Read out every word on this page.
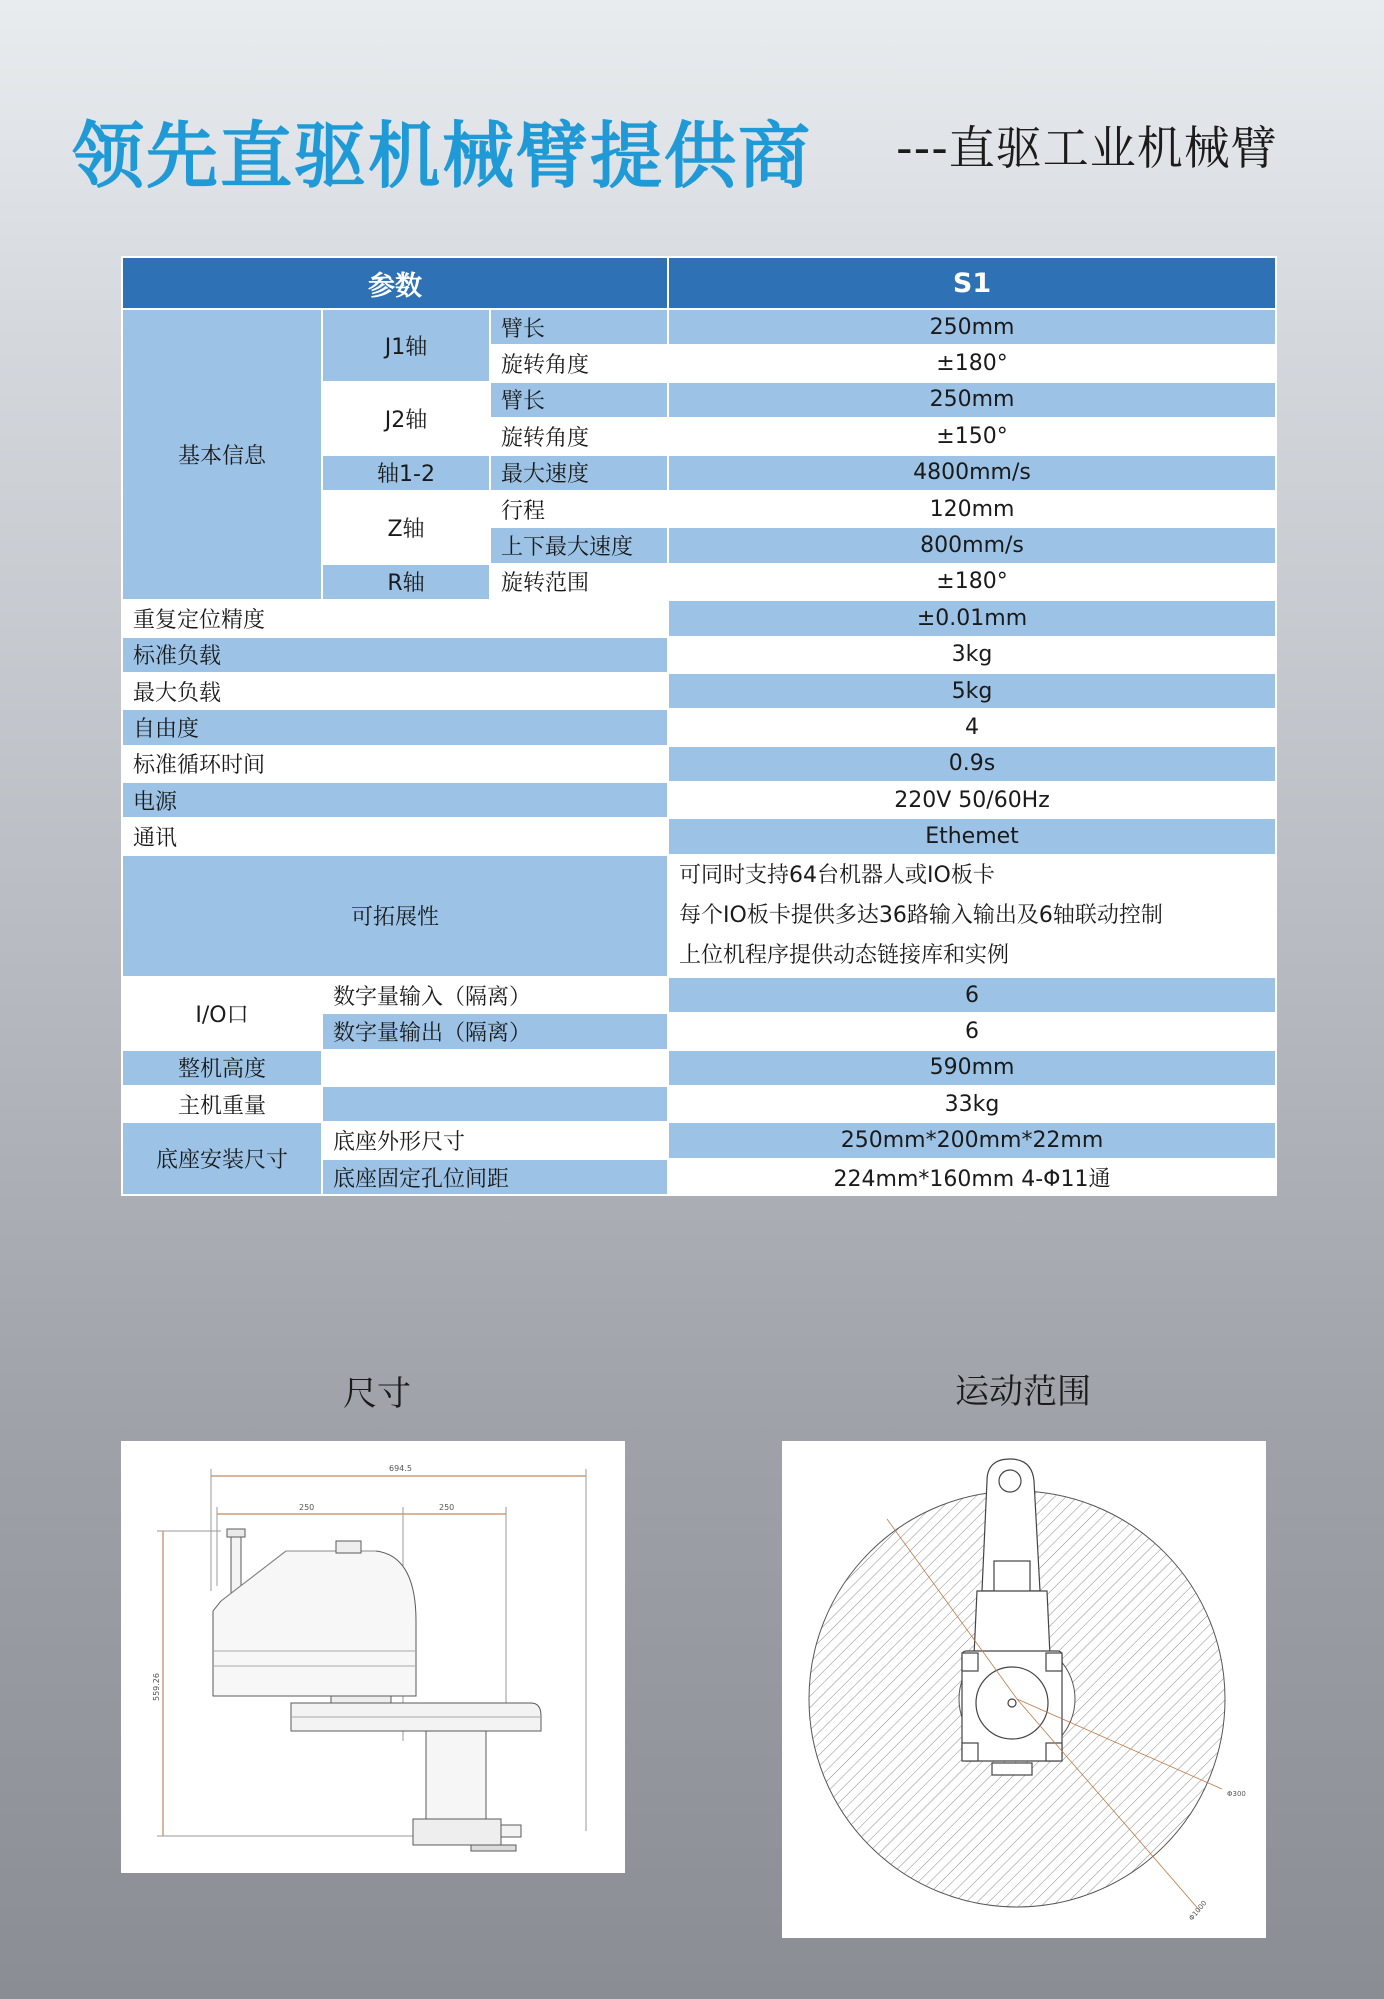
领先直驱机械臂提供商 ---直驱工业机械臂
参数			S1
基本信息	J1轴	臂长	250mm
		旋转角度	±180°
	J2轴	臂长	250mm
		旋转角度	±150°
	轴1-2	最大速度	4800mm/s
	Z轴	行程	120mm
		上下最大速度	800mm/s
	R轴	旋转范围	±180°
重复定位精度			±0.01mm
标准负载			3kg
最大负载			5kg
自由度			4
标准循环时间			0.9s
电源			220V 50/60Hz
通讯			Ethemet
可拓展性			可同时支持64台机器人或IO板卡
每个IO板卡提供多达36路输入输出及6轴联动控制
上位机程序提供动态链接库和实例

I/O口	数字量输入（隔离）		6
	数字量输出（隔离）		6
整机高度			590mm
主机重量			33kg
底座安装尺寸	底座外形尺寸		250mm*200mm*22mm
	底座固定孔位间距		224mm*160mm 4-Φ11通
尺寸	运动范围
694.5
250	250
559.26
Φ300
Φ1000
